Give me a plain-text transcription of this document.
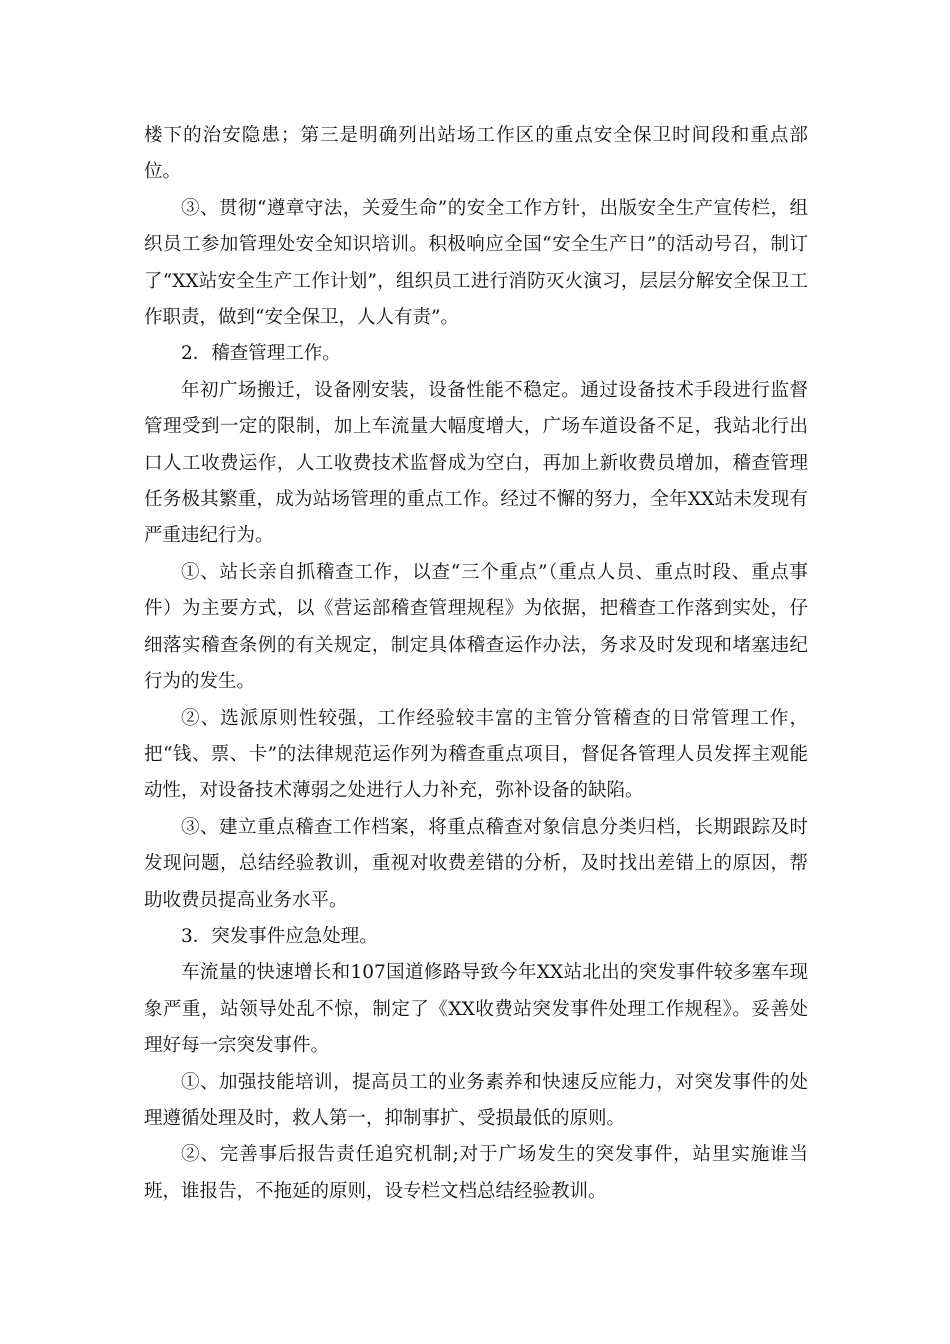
楼下的治安隐患；第三是明确列出站场工作区的重点安全保卫时间段和重点部位。

③、贯彻“遵章守法，关爱生命”的安全工作方针，出版安全生产宣传栏，组织员工参加管理处安全知识培训。积极响应全国“安全生产日”的活动号召，制订了“XX站安全生产工作计划”，组织员工进行消防灭火演习，层层分解安全保卫工作职责，做到“安全保卫，人人有责”。

2．稽查管理工作。

年初广场搬迁，设备刚安装，设备性能不稳定。通过设备技术手段进行监督管理受到一定的限制，加上车流量大幅度增大，广场车道设备不足，我站北行出口人工收费运作，人工收费技术监督成为空白，再加上新收费员增加，稽查管理任务极其繁重，成为站场管理的重点工作。经过不懈的努力，全年XX站未发现有严重违纪行为。

①、站长亲自抓稽查工作，以查“三个重点”（重点人员、重点时段、重点事件）为主要方式，以《营运部稽查管理规程》为依据，把稽查工作落到实处，仔细落实稽查条例的有关规定，制定具体稽查运作办法，务求及时发现和堵塞违纪行为的发生。

②、选派原则性较强，工作经验较丰富的主管分管稽查的日常管理工作，把“钱、票、卡”的法律规范运作列为稽查重点项目，督促各管理人员发挥主观能动性，对设备技术薄弱之处进行人力补充，弥补设备的缺陷。

③、建立重点稽查工作档案，将重点稽查对象信息分类归档，长期跟踪及时发现问题，总结经验教训，重视对收费差错的分析，及时找出差错上的原因，帮助收费员提高业务水平。

3．突发事件应急处理。

车流量的快速增长和107国道修路导致今年XX站北出的突发事件较多塞车现象严重，站领导处乱不惊，制定了《XX收费站突发事件处理工作规程》。妥善处理好每一宗突发事件。

①、加强技能培训，提高员工的业务素养和快速反应能力，对突发事件的处理遵循处理及时，救人第一，抑制事扩、受损最低的原则。

②、完善事后报告责任追究机制;对于广场发生的突发事件，站里实施谁当班，谁报告，不拖延的原则，设专栏文档总结经验教训。
